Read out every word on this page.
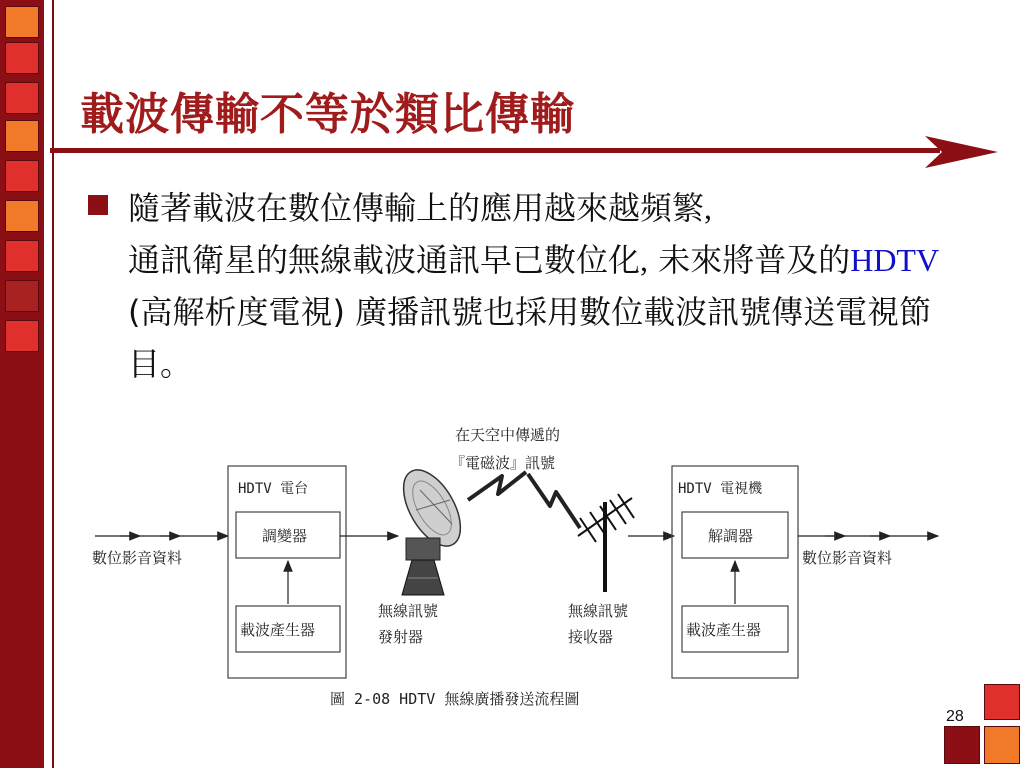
載波傳輸不等於類比傳輸

隨著載波在數位傳輸上的應用越來越頻繁,
通訊衛星的無線載波通訊早已數位化, 未來將普及的HDTV (高解析度電視) 廣播訊號也採用數位載波訊號傳送電視節目。

在天空中傳遞的
『電磁波』訊號
數位影音資料
HDTV 電台
調變器
載波產生器
無線訊號
發射器
無線訊號
接收器
HDTV 電視機
解調器
載波產生器
數位影音資料
圖 2-08 HDTV 無線廣播發送流程圖
28
